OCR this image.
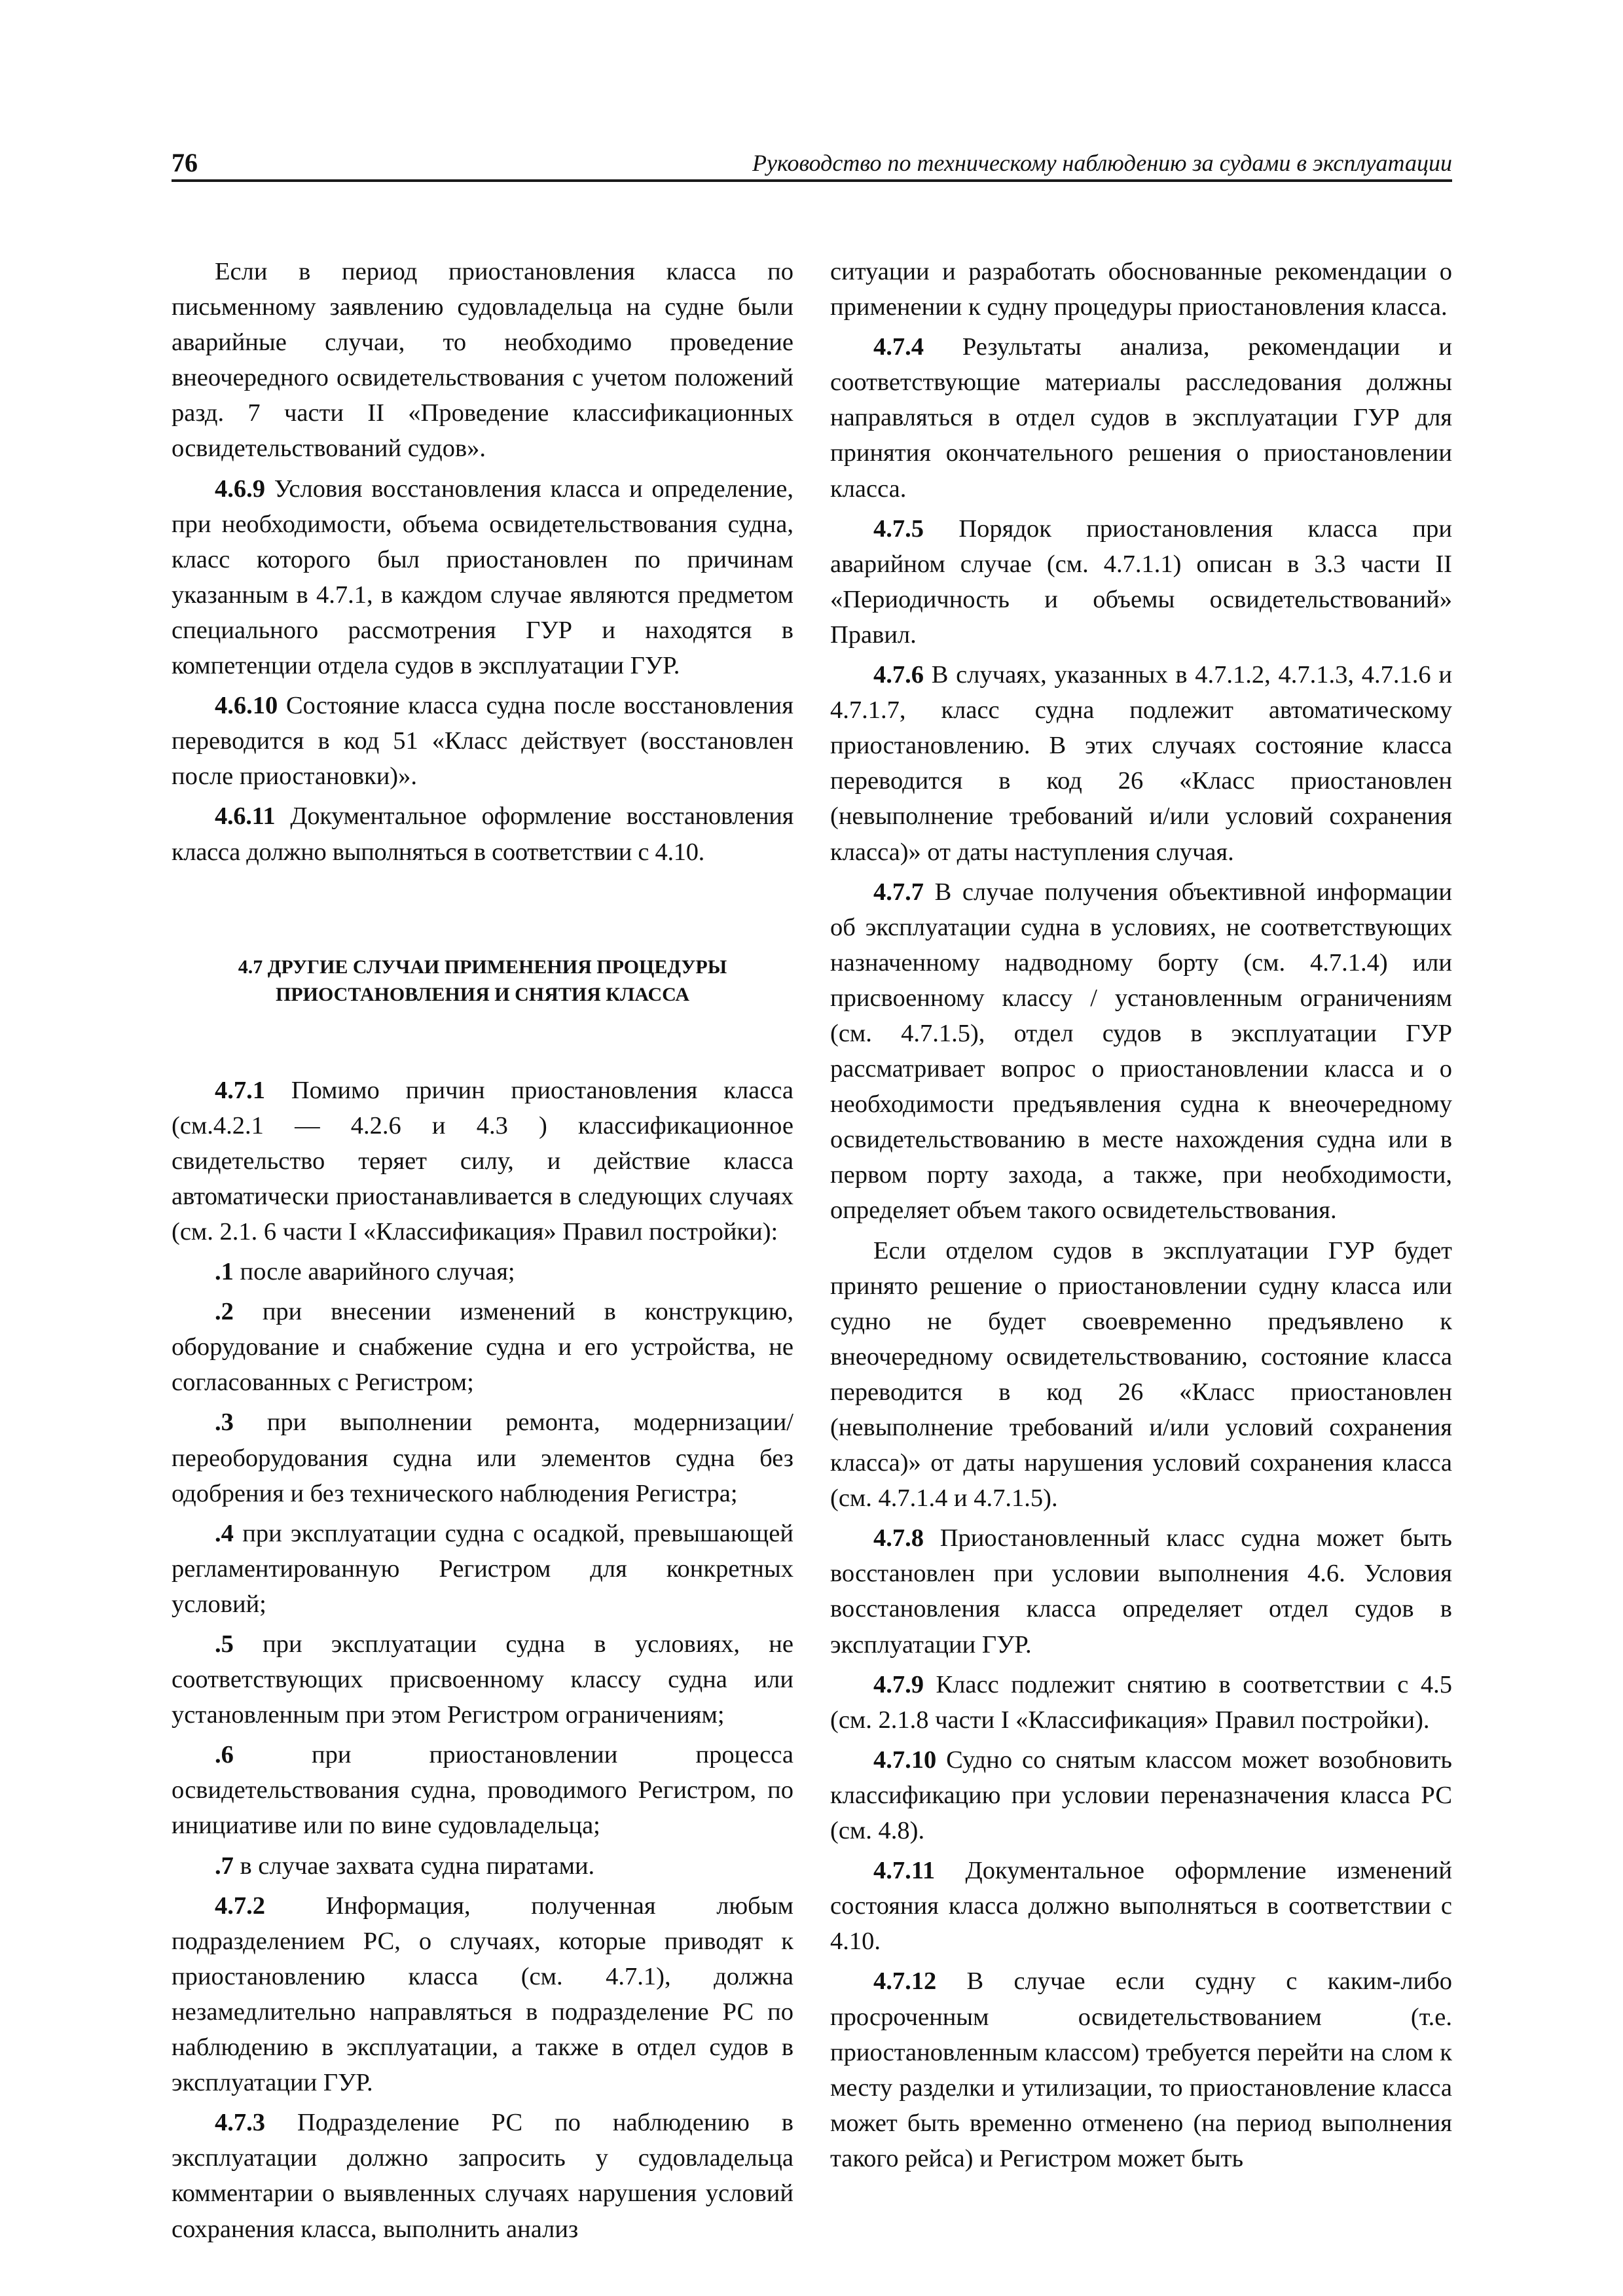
76	Руководство по техническому наблюдению за судами в эксплуатации

Если в период приостановления класса по письменному заявлению судовладельца на судне были аварийные случаи, то необходимо проведение внеочередного освидетельствования с учетом положений разд. 7 части II «Проведение классификационных освидетельствований судов».

4.6.9 Условия восстановления класса и определение, при необходимости, объема освидетельствования судна, класс которого был приостановлен по причинам указанным в 4.7.1, в каждом случае являются предметом специального рассмотрения ГУР и находятся в компетенции отдела судов в эксплуатации ГУР.

4.6.10 Состояние класса судна после восстановления переводится в код 51 «Класс действует (восстановлен после приостановки)».

4.6.11 Документальное оформление восстановления класса должно выполняться в соответствии с 4.10.

4.7 ДРУГИЕ СЛУЧАИ ПРИМЕНЕНИЯ ПРОЦЕДУРЫ
ПРИОСТАНОВЛЕНИЯ И СНЯТИЯ КЛАССА

4.7.1 Помимо причин приостановления класса (см.4.2.1 — 4.2.6 и 4.3 ) классификационное свидетельство теряет силу, и действие класса автоматически приостанавливается в следующих случаях (см. 2.1. 6 части I «Классификация» Правил постройки):

.1 после аварийного случая;

.2 при внесении изменений в конструкцию, оборудование и снабжение судна и его устройства, не согласованных с Регистром;

.3 при выполнении ремонта, модернизации/ переоборудования судна или элементов судна без одобрения и без технического наблюдения Регистра;

.4 при эксплуатации судна с осадкой, превышающей регламентированную Регистром для конкретных условий;

.5 при эксплуатации судна в условиях, не соответствующих присвоенному классу судна или установленным при этом Регистром ограничениям;

.6 при приостановлении процесса освидетельствования судна, проводимого Регистром, по инициативе или по вине судовладельца;

.7 в случае захвата судна пиратами.

4.7.2 Информация, полученная любым подразделением РС, о случаях, которые приводят к приостановлению класса (см. 4.7.1), должна незамедлительно направляться в подразделение РС по наблюдению в эксплуатации, а также в отдел судов в эксплуатации ГУР.

4.7.3 Подразделение РС по наблюдению в эксплуатации должно запросить у судовладельца комментарии о выявленных случаях нарушения условий сохранения класса, выполнить анализ

ситуации и разработать обоснованные рекомендации о применении к судну процедуры приостановления класса.

4.7.4 Результаты анализа, рекомендации и соответствующие материалы расследования должны направляться в отдел судов в эксплуатации ГУР для принятия окончательного решения о приостановлении класса.

4.7.5 Порядок приостановления класса при аварийном случае (см. 4.7.1.1) описан в 3.3 части II «Периодичность и объемы освидетельствований» Правил.

4.7.6 В случаях, указанных в 4.7.1.2, 4.7.1.3, 4.7.1.6 и 4.7.1.7, класс судна подлежит автоматическому приостановлению. В этих случаях состояние класса переводится в код 26 «Класс приостановлен (невыполнение требований и/или условий сохранения класса)» от даты наступления случая.

4.7.7 В случае получения объективной информации об эксплуатации судна в условиях, не соответствующих назначенному надводному борту (см. 4.7.1.4) или присвоенному классу / установленным ограничениям (см. 4.7.1.5), отдел судов в эксплуатации ГУР рассматривает вопрос о приостановлении класса и о необходимости предъявления судна к внеочередному освидетельствованию в месте нахождения судна или в первом порту захода, а также, при необходимости, определяет объем такого освидетельствования.

Если отделом судов в эксплуатации ГУР будет принято решение о приостановлении судну класса или судно не будет своевременно предъявлено к внеочередному освидетельствованию, состояние класса переводится в код 26 «Класс приостановлен (невыполнение требований и/или условий сохранения класса)» от даты нарушения условий сохранения класса (см. 4.7.1.4 и 4.7.1.5).

4.7.8 Приостановленный класс судна может быть восстановлен при условии выполнения 4.6. Условия восстановления класса определяет отдел судов в эксплуатации ГУР.

4.7.9 Класс подлежит снятию в соответствии с 4.5 (см. 2.1.8 части I «Классификация» Правил постройки).

4.7.10 Судно со снятым классом может возобновить классификацию при условии переназначения класса РС (см. 4.8).

4.7.11 Документальное оформление изменений состояния класса должно выполняться в соответствии с 4.10.

4.7.12 В случае если судну с каким-либо просроченным освидетельствованием (т.е. приостановленным классом) требуется перейти на слом к месту разделки и утилизации, то приостановление класса может быть временно отменено (на период выполнения такого рейса) и Регистром может быть
